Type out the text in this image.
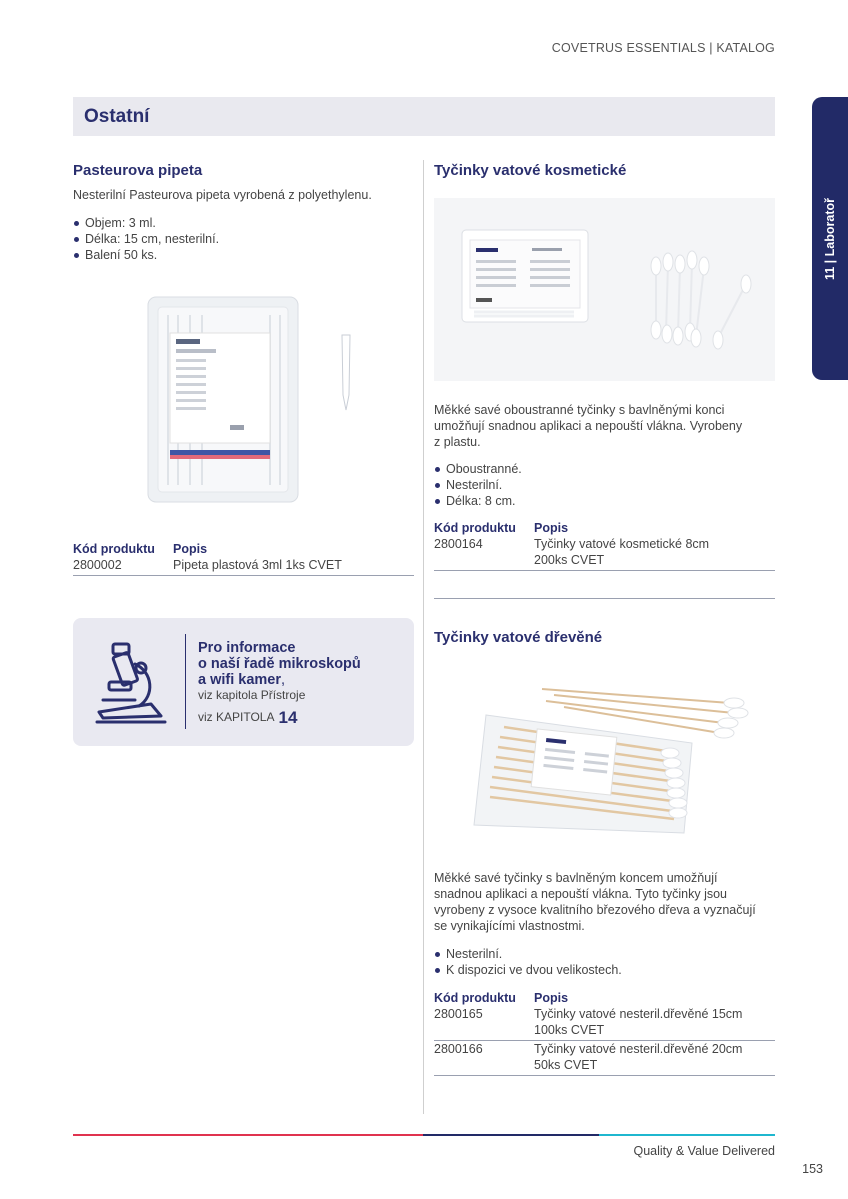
COVETRUS ESSENTIALS | KATALOG
Ostatní
11 | Laboratoř
Pasteurova pipeta
Nesterilní Pasteurova pipeta vyrobená z polyethylenu.
Objem: 3 ml.
Délka: 15 cm, nesterilní.
Balení 50 ks.
Kód produktu	Popis
2800002	Pipeta plastová 3ml 1ks CVET
Pro informace
o naší řadě mikroskopů
a wifi kamer,
viz kapitola Přístroje
viz KAPITOLA 14
Tyčinky vatové kosmetické
Měkké savé oboustranné tyčinky s bavlněnými konci
umožňují snadnou aplikaci a nepouští vlákna. Vyrobeny
z plastu.
Oboustranné.
Nesterilní.
Délka: 8 cm.
Kód produktu	Popis
2800164	Tyčinky vatové kosmetické 8cm
200ks CVET
Tyčinky vatové dřevěné
Měkké savé tyčinky s bavlněným koncem umožňují
snadnou aplikaci a nepouští vlákna. Tyto tyčinky jsou
vyrobeny z vysoce kvalitního březového dřeva a vyznačují
se vynikajícími vlastnostmi.
Nesterilní.
K dispozici ve dvou velikostech.
Kód produktu	Popis
2800165	Tyčinky vatové nesteril.dřevěné 15cm
100ks CVET
2800166	Tyčinky vatové nesteril.dřevěné 20cm
50ks CVET
Quality & Value Delivered
153
